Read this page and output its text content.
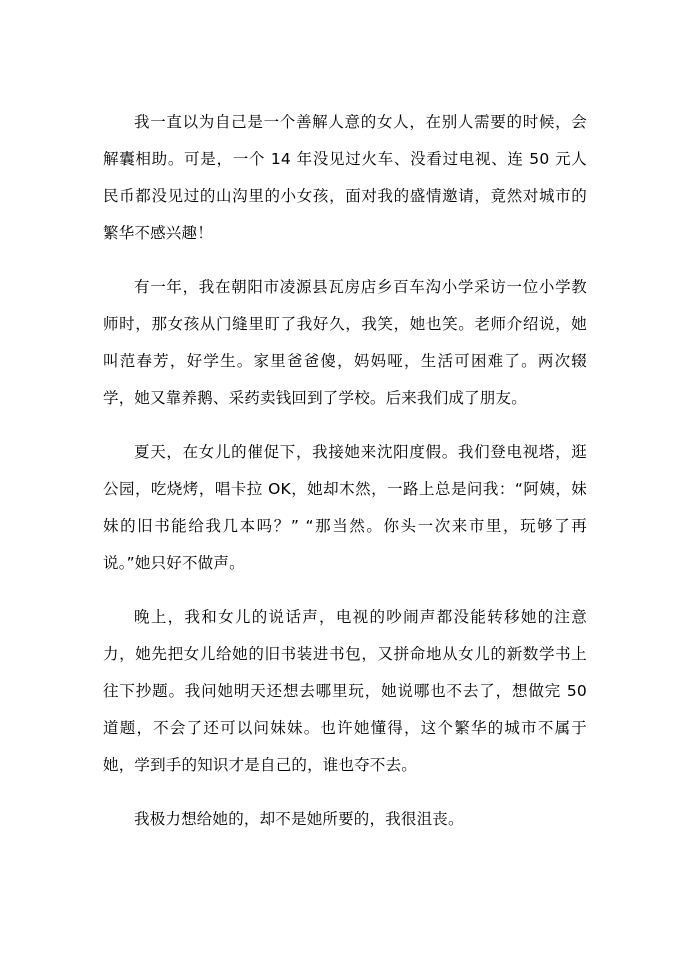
我一直以为自己是一个善解人意的女人，在别人需要的时候，会解囊相助。可是，一个 14 年没见过火车、没看过电视、连 50 元人民币都没见过的山沟里的小女孩，面对我的盛情邀请，竟然对城市的繁华不感兴趣！

有一年，我在朝阳市凌源县瓦房店乡百车沟小学采访一位小学教师时，那女孩从门缝里盯了我好久，我笑，她也笑。老师介绍说，她叫范春芳，好学生。家里爸爸傻，妈妈哑，生活可困难了。两次辍学，她又靠养鹅、采药卖钱回到了学校。后来我们成了朋友。

夏天，在女儿的催促下，我接她来沈阳度假。我们登电视塔，逛公园，吃烧烤，唱卡拉 OK，她却木然，一路上总是问我：“阿姨，妹妹的旧书能给我几本吗？” “那当然。你头一次来市里，玩够了再说。”她只好不做声。

晚上，我和女儿的说话声，电视的吵闹声都没能转移她的注意力，她先把女儿给她的旧书装进书包，又拼命地从女儿的新数学书上往下抄题。我问她明天还想去哪里玩，她说哪也不去了，想做完 50 道题，不会了还可以问妹妹。也许她懂得，这个繁华的城市不属于她，学到手的知识才是自己的，谁也夺不去。

我极力想给她的，却不是她所要的，我很沮丧。
